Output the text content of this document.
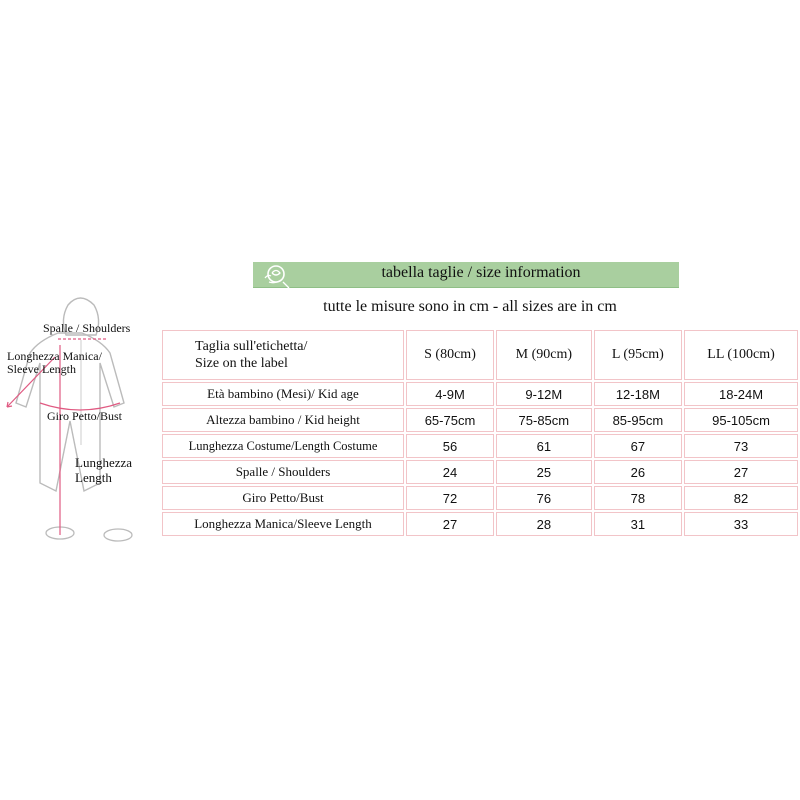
tabella taglie / size information
tutte le misure sono in cm - all sizes are in cm
Spalle / Shoulders
Longhezza Manica/
Sleeve Length
Giro Petto/Bust
Lunghezza
Length
Taglia sull'etichetta/
Size on the label	S (80cm)	M (90cm)	L (95cm)	LL (100cm)
Età bambino (Mesi)/ Kid age	4-9M	9-12M	12-18M	18-24M
Altezza bambino / Kid height	65-75cm	75-85cm	85-95cm	95-105cm
Lunghezza Costume/Length Costume	56	61	67	73
Spalle / Shoulders	24	25	26	27
Giro Petto/Bust	72	76	78	82
Longhezza Manica/Sleeve Length	27	28	31	33
